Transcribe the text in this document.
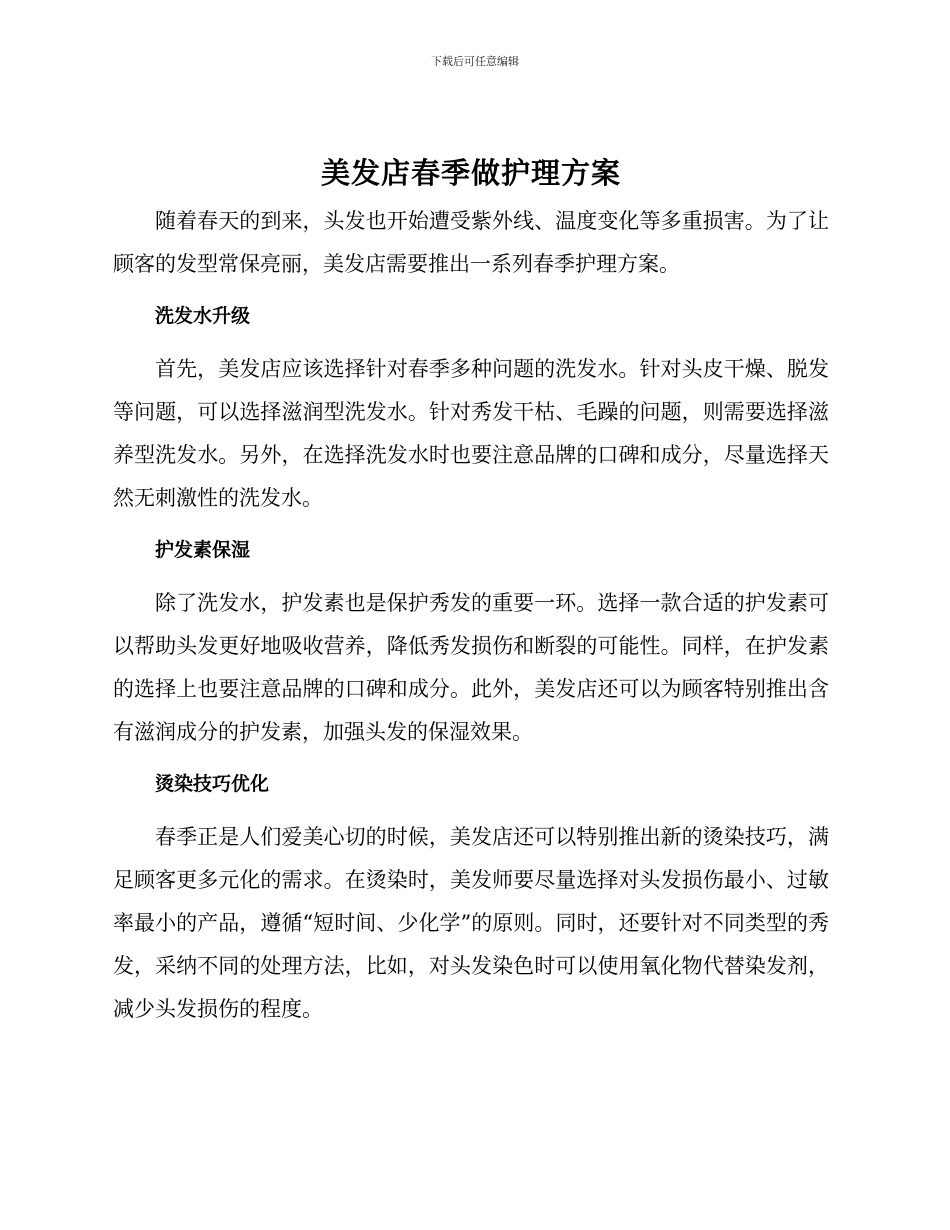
下载后可任意编辑
美发店春季做护理方案

随着春天的到来，头发也开始遭受紫外线、温度变化等多重损害。为了让顾客的发型常保亮丽，美发店需要推出一系列春季护理方案。

洗发水升级

首先，美发店应该选择针对春季多种问题的洗发水。针对头皮干燥、脱发等问题，可以选择滋润型洗发水。针对秀发干枯、毛躁的问题，则需要选择滋养型洗发水。另外，在选择洗发水时也要注意品牌的口碑和成分，尽量选择天然无刺激性的洗发水。

护发素保湿

除了洗发水，护发素也是保护秀发的重要一环。选择一款合适的护发素可以帮助头发更好地吸收营养，降低秀发损伤和断裂的可能性。同样，在护发素的选择上也要注意品牌的口碑和成分。此外，美发店还可以为顾客特别推出含有滋润成分的护发素，加强头发的保湿效果。

烫染技巧优化

春季正是人们爱美心切的时候，美发店还可以特别推出新的烫染技巧，满足顾客更多元化的需求。在烫染时，美发师要尽量选择对头发损伤最小、过敏率最小的产品，遵循“短时间、少化学”的原则。同时，还要针对不同类型的秀发，采纳不同的处理方法，比如，对头发染色时可以使用氧化物代替染发剂，减少头发损伤的程度。
